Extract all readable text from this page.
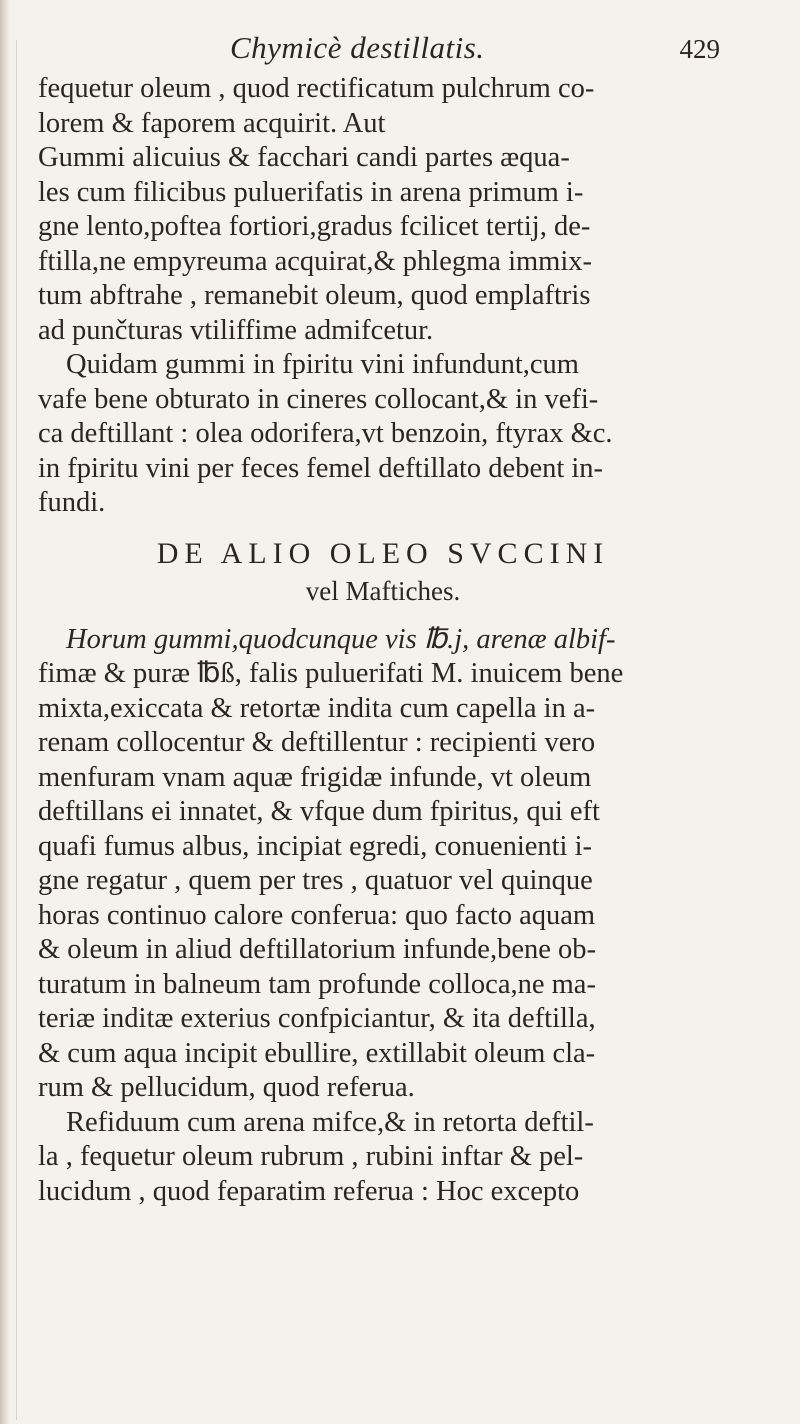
Chymicè destillatis.	429
fequetur oleum , quod rectificatum pulchrum co-
lorem & faporem acquirit. Aut
Gummi alicuius & facchari candi partes æqua-
les cum filicibus puluerifatis in arena primum i-
gne lento,poftea fortiori,gradus fcilicet tertij, de-
ftilla,ne empyreuma acquirat,& phlegma immix-
tum abftrahe , remanebit oleum, quod emplaftris
ad punčturas vtiliffime admifcetur.
Quidam gummi in fpiritu vini infundunt,cum
vafe bene obturato in cineres collocant,& in vefi-
ca deftillant : olea odorifera,vt benzoin, ftyrax &c.
in fpiritu vini per feces femel deftillato debent in-
fundi.
DE ALIO OLEO SVCCINI
vel Maftiches.
Horum gummi,quodcunque vis ℔.j, arenæ albif-
fimæ & puræ ℔ß, falis puluerifati M. inuicem bene
mixta,exiccata & retortæ indita cum capella in a-
renam collocentur & deftillentur : recipienti vero
menfuram vnam aquæ frigidæ infunde, vt oleum
deftillans ei innatet, & vfque dum fpiritus, qui eft
quafi fumus albus, incipiat egredi, conuenienti i-
gne regatur , quem per tres , quatuor vel quinque
horas continuo calore conferua: quo facto aquam
& oleum in aliud deftillatorium infunde,bene ob-
turatum in balneum tam profunde colloca,ne ma-
teriæ inditæ exterius confpiciantur, & ita deftilla,
& cum aqua incipit ebullire, extillabit oleum cla-
rum & pellucidum, quod referua.
Refiduum cum arena mifce,& in retorta deftil-
la , fequetur oleum rubrum , rubini inftar & pel-
lucidum , quod feparatim referua : Hoc excepto
